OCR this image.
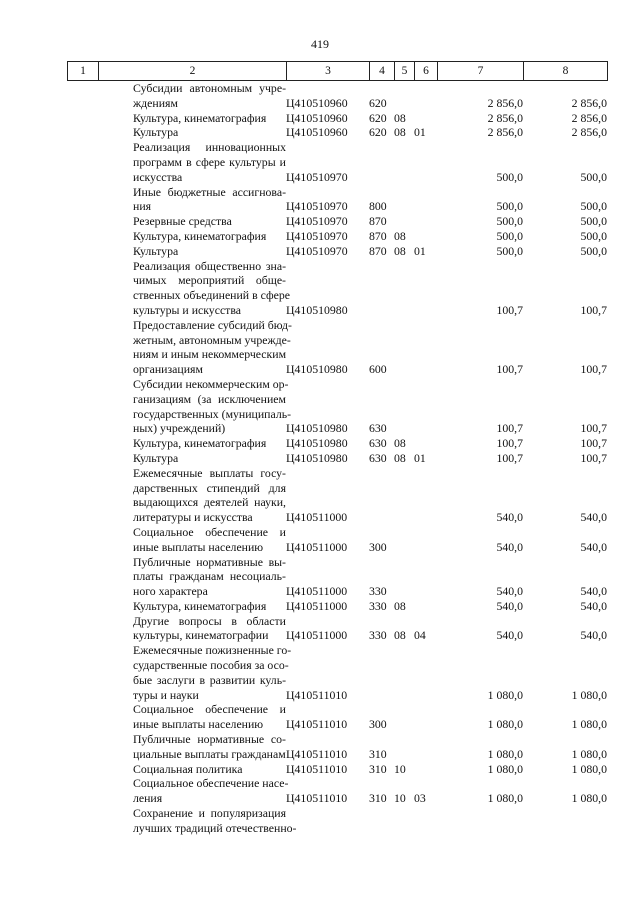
419
1	2	3	4	5	6	7	8

	Субсидии автономным учре-
ждениям	Ц410510960	620			2 856,0	2 856,0

	Культура, кинематография	Ц410510960	620	08		2 856,0	2 856,0

	Культура	Ц410510960	620	08	01	2 856,0	2 856,0

	Реализация инновационных
программ в сфере культуры и
искусства	Ц410510970				500,0	500,0

	Иные бюджетные ассигнова-
ния	Ц410510970	800			500,0	500,0

	Резервные средства	Ц410510970	870			500,0	500,0

	Культура, кинематография	Ц410510970	870	08		500,0	500,0

	Культура	Ц410510970	870	08	01	500,0	500,0

	Реализация общественно зна-
чимых мероприятий обще-
ственных объединений в сфере
культуры и искусства	Ц410510980				100,7	100,7

	Предоставление субсидий бюд-
жетным, автономным учрежде-
ниям и иным некоммерческим
организациям	Ц410510980	600			100,7	100,7

	Субсидии некоммерческим ор-
ганизациям (за исключением
государственных (муниципаль-
ных) учреждений)	Ц410510980	630			100,7	100,7

	Культура, кинематография	Ц410510980	630	08		100,7	100,7

	Культура	Ц410510980	630	08	01	100,7	100,7

	Ежемесячные выплаты госу-
дарственных стипендий для
выдающихся деятелей науки,
литературы и искусства	Ц410511000				540,0	540,0

	Социальное обеспечение и
иные выплаты населению	Ц410511000	300			540,0	540,0

	Публичные нормативные вы-
платы гражданам несоциаль-
ного характера	Ц410511000	330			540,0	540,0

	Культура, кинематография	Ц410511000	330	08		540,0	540,0

	Другие вопросы в области
культуры, кинематографии	Ц410511000	330	08	04	540,0	540,0

	Ежемесячные пожизненные го-
сударственные пособия за осо-
бые заслуги в развитии куль-
туры и науки	Ц410511010				1 080,0	1 080,0

	Социальное обеспечение и
иные выплаты населению	Ц410511010	300			1 080,0	1 080,0

	Публичные нормативные со-
циальные выплаты гражданам	Ц410511010	310			1 080,0	1 080,0

	Социальная политика	Ц410511010	310	10		1 080,0	1 080,0

	Социальное обеспечение насе-
ления	Ц410511010	310	10	03	1 080,0	1 080,0

	Сохранение и популяризация
лучших традиций отечественно-						
